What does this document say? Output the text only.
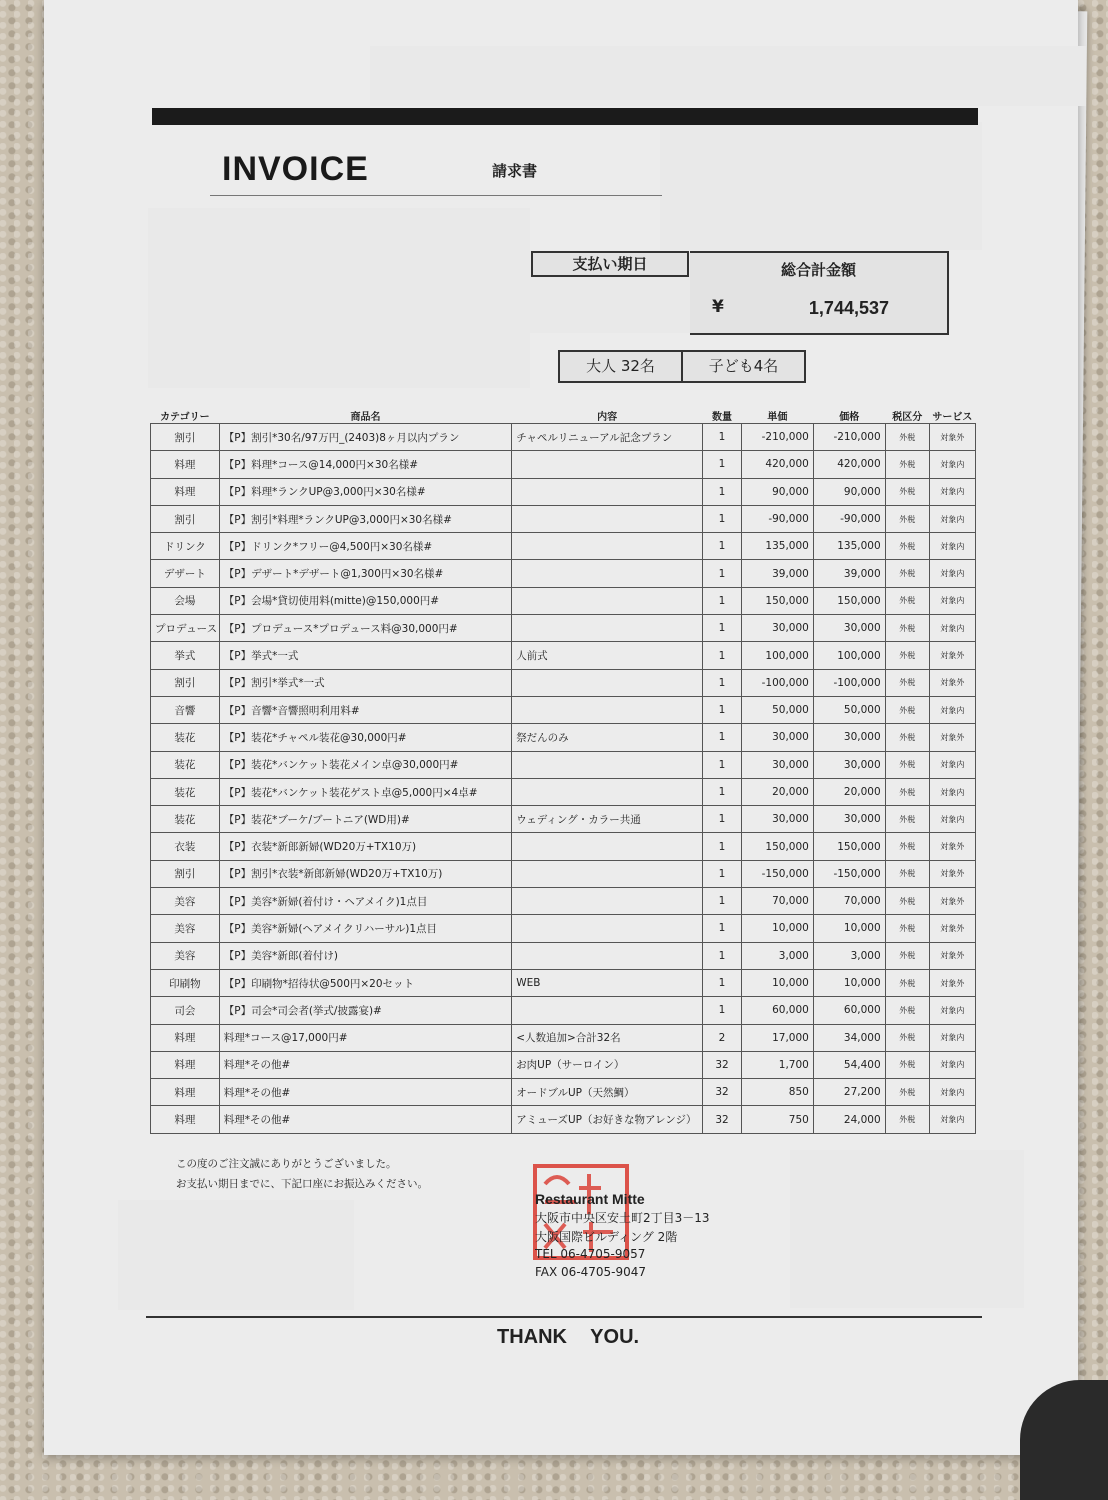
INVOICE	請求書
支払い期日	総合計金額
¥	1,744,537
大人 32名	子ども4名
カテゴリー	商品名	内容	数量	単価	価格	税区分	サービス
割引	【P】割引*30名/97万円_(2403)8ヶ月以内プラン	チャペルリニューアル記念プラン	1	-210,000	-210,000	外税	対象外
料理	【P】料理*コース@14,000円×30名様#		1	420,000	420,000	外税	対象内
料理	【P】料理*ランクUP@3,000円×30名様#		1	90,000	90,000	外税	対象内
割引	【P】割引*料理*ランクUP@3,000円×30名様#		1	-90,000	-90,000	外税	対象内
ドリンク	【P】ドリンク*フリー@4,500円×30名様#		1	135,000	135,000	外税	対象内
デザート	【P】デザート*デザート@1,300円×30名様#		1	39,000	39,000	外税	対象内
会場	【P】会場*貸切使用料(mitte)@150,000円#		1	150,000	150,000	外税	対象内
プロデュース	【P】プロデュース*プロデュース料@30,000円#		1	30,000	30,000	外税	対象内
挙式	【P】挙式*一式	人前式	1	100,000	100,000	外税	対象外
割引	【P】割引*挙式*一式		1	-100,000	-100,000	外税	対象外
音響	【P】音響*音響照明利用料#		1	50,000	50,000	外税	対象内
装花	【P】装花*チャペル装花@30,000円#	祭だんのみ	1	30,000	30,000	外税	対象外
装花	【P】装花*バンケット装花メイン卓@30,000円#		1	30,000	30,000	外税	対象内
装花	【P】装花*バンケット装花ゲスト卓@5,000円×4卓#		1	20,000	20,000	外税	対象内
装花	【P】装花*ブーケ/ブートニア(WD用)#	ウェディング・カラー共通	1	30,000	30,000	外税	対象内
衣装	【P】衣装*新郎新婦(WD20万+TX10万)		1	150,000	150,000	外税	対象外
割引	【P】割引*衣装*新郎新婦(WD20万+TX10万)		1	-150,000	-150,000	外税	対象外
美容	【P】美容*新婦(着付け・ヘアメイク)1点目		1	70,000	70,000	外税	対象外
美容	【P】美容*新婦(ヘアメイクリハーサル)1点目		1	10,000	10,000	外税	対象外
美容	【P】美容*新郎(着付け)		1	3,000	3,000	外税	対象外
印刷物	【P】印刷物*招待状@500円×20セット	WEB	1	10,000	10,000	外税	対象外
司会	【P】司会*司会者(挙式/披露宴)#		1	60,000	60,000	外税	対象内
料理	料理*コース@17,000円#	<人数追加>合計32名	2	17,000	34,000	外税	対象内
料理	料理*その他#	お肉UP（サーロイン）	32	1,700	54,400	外税	対象内
料理	料理*その他#	オードブルUP（天然鯛）	32	850	27,200	外税	対象内
料理	料理*その他#	アミューズUP（お好きな物アレンジ）	32	750	24,000	外税	対象内
この度のご注文誠にありがとうございました。
お支払い期日までに、下記口座にお振込みください。
Restaurant Mitte
大阪市中央区安土町2丁目3－13
大阪国際ビルディング 2階
TEL 06-4705-9057
FAX 06-4705-9047
THANK YOU.
